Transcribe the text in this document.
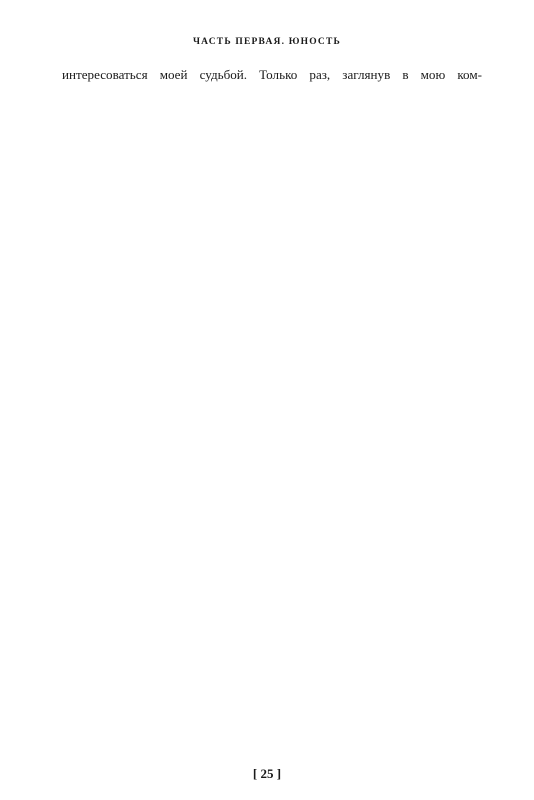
ЧАСТЬ ПЕРВАЯ. ЮНОСТЬ
интересоваться моей судьбой. Только раз, заглянув в мою ком-
[ 25 ]
